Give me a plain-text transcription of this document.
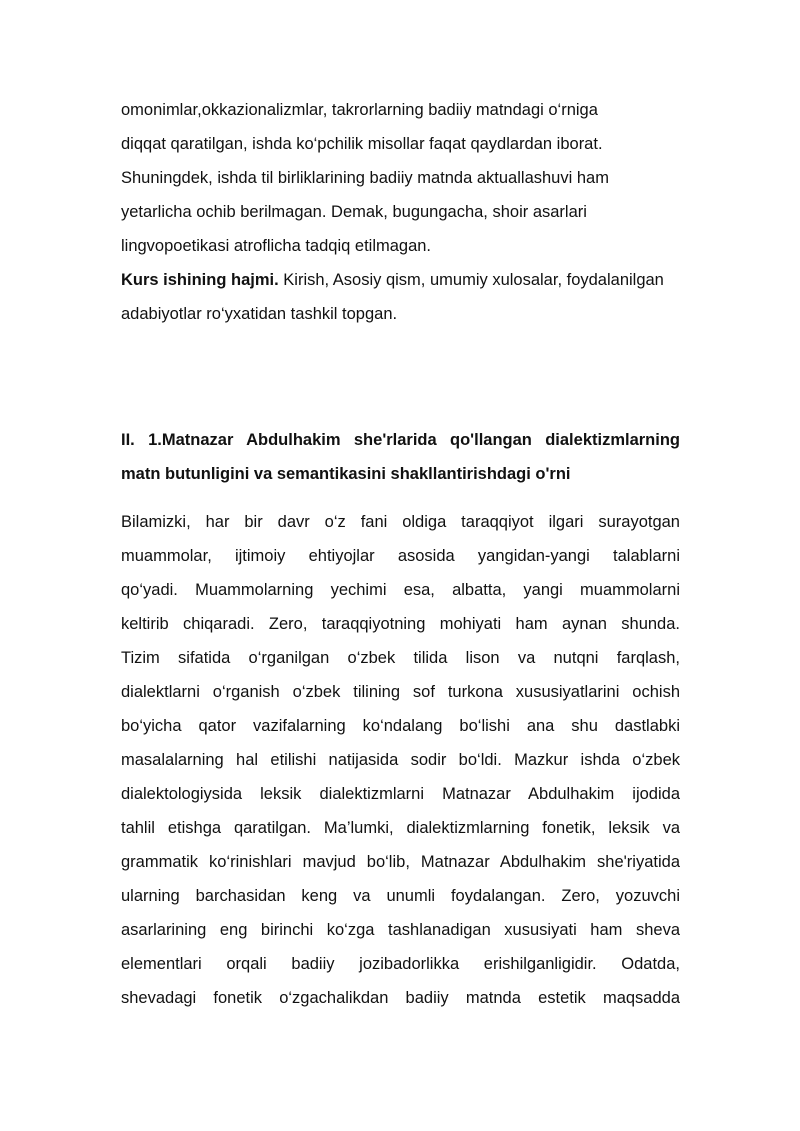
omonimlar,okkazionalizmlar, takrorlarning badiiy matndagi o‘rniga

diqqat qaratilgan, ishda ko‘pchilik misollar faqat qaydlardan iborat.

Shuningdek, ishda til birliklarining badiiy matnda aktuallashuvi ham

yetarlicha ochib berilmagan. Demak, bugungacha, shoir asarlari

lingvopoetikasi atroflicha tadqiq etilmagan.

Kurs ishining hajmi. Kirish, Asosiy qism, umumiy xulosalar, foydalanilgan

adabiyotlar ro‘yxatidan tashkil topgan.

II. 1.Matnazar Abdulhakim she'rlarida qo'llangan dialektizmlarning

matn butunligini va semantikasini shakllantirishdagi o'rni

Bilamizki, har bir davr o‘z fani oldiga taraqqiyot ilgari surayotgan

muammolar, ijtimoiy ehtiyojlar asosida yangidan-yangi talablarni

qo‘yadi. Muammolarning yechimi esa, albatta, yangi muammolarni

keltirib chiqaradi. Zero, taraqqiyotning mohiyati ham aynan shunda.

Tizim sifatida o‘rganilgan o‘zbek tilida lison va nutqni farqlash,

dialektlarni o‘rganish o‘zbek tilining sof turkona xususiyatlarini ochish

bo‘yicha qator vazifalarning ko‘ndalang bo‘lishi ana shu dastlabki

masalalarning hal etilishi natijasida sodir bo‘ldi. Mazkur ishda o‘zbek

dialektologiysida leksik dialektizmlarni Matnazar Abdulhakim ijodida

tahlil etishga qaratilgan. Ma’lumki, dialektizmlarning fonetik, leksik va

grammatik ko‘rinishlari mavjud bo‘lib, Matnazar Abdulhakim she'riyatida

ularning barchasidan keng va unumli foydalangan. Zero, yozuvchi

asarlarining eng birinchi ko‘zga tashlanadigan xususiyati ham sheva

elementlari orqali badiiy jozibadorlikka erishilganligidir. Odatda,

shevadagi fonetik o‘zgachalikdan badiiy matnda estetik maqsadda
